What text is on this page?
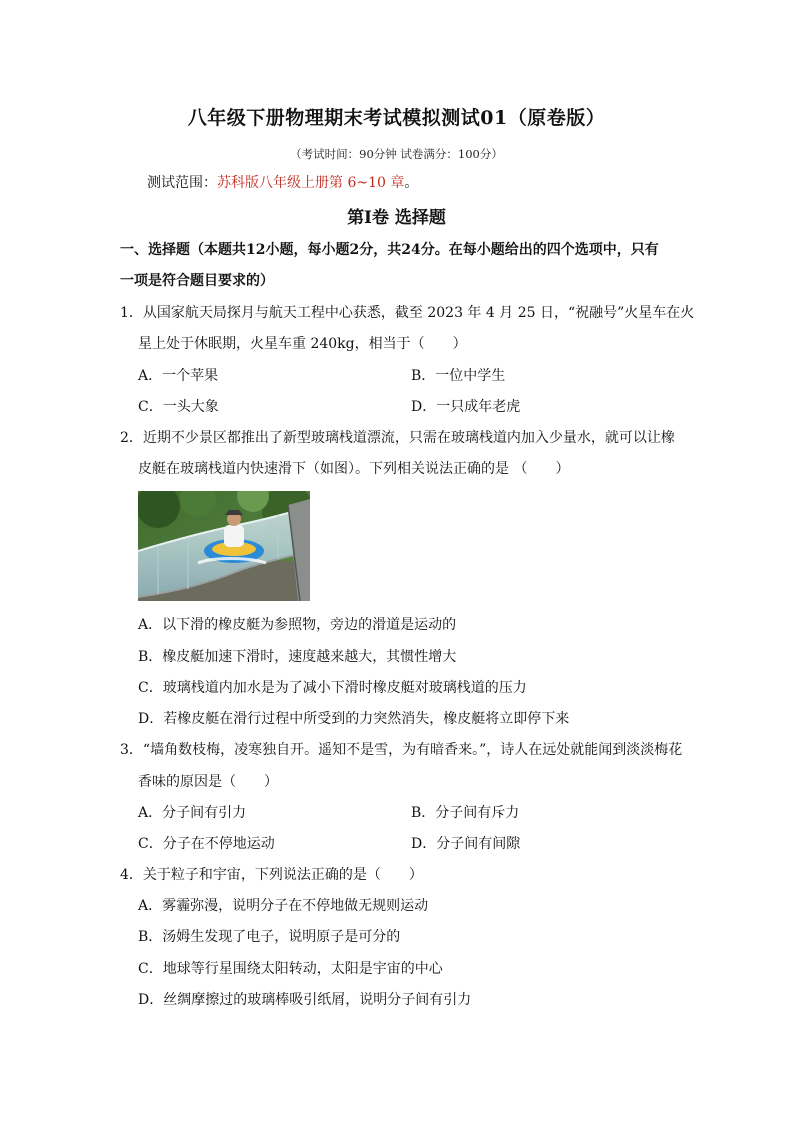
八年级下册物理期末考试模拟测试01（原卷版）
（考试时间：90分钟 试卷满分：100分）
测试范围：苏科版八年级上册第 6~10 章。
第Ⅰ卷 选择题
一、选择题（本题共12小题，每小题2分，共24分。在每小题给出的四个选项中，只有
一项是符合题目要求的）
1．从国家航天局探月与航天工程中心获悉，截至 2023 年 4 月 25 日，“祝融号”火星车在火
星上处于休眠期，火星车重 240kg，相当于（　　）
A．一个苹果	B．一位中学生
C．一头大象	D．一只成年老虎
2．近期不少景区都推出了新型玻璃栈道漂流，只需在玻璃栈道内加入少量水，就可以让橡
皮艇在玻璃栈道内快速滑下（如图）。下列相关说法正确的是 （　　）
A．以下滑的橡皮艇为参照物，旁边的滑道是运动的
B．橡皮艇加速下滑时，速度越来越大，其惯性增大
C．玻璃栈道内加水是为了减小下滑时橡皮艇对玻璃栈道的压力
D．若橡皮艇在滑行过程中所受到的力突然消失，橡皮艇将立即停下来
3．“墙角数枝梅，凌寒独自开。遥知不是雪，为有暗香来。”，诗人在远处就能闻到淡淡梅花
香味的原因是（　　）
A．分子间有引力	B．分子间有斥力
C．分子在不停地运动	D．分子间有间隙
4．关于粒子和宇宙，下列说法正确的是（　　）
A．雾霾弥漫，说明分子在不停地做无规则运动
B．汤姆生发现了电子，说明原子是可分的
C．地球等行星围绕太阳转动，太阳是宇宙的中心
D．丝绸摩擦过的玻璃棒吸引纸屑，说明分子间有引力
